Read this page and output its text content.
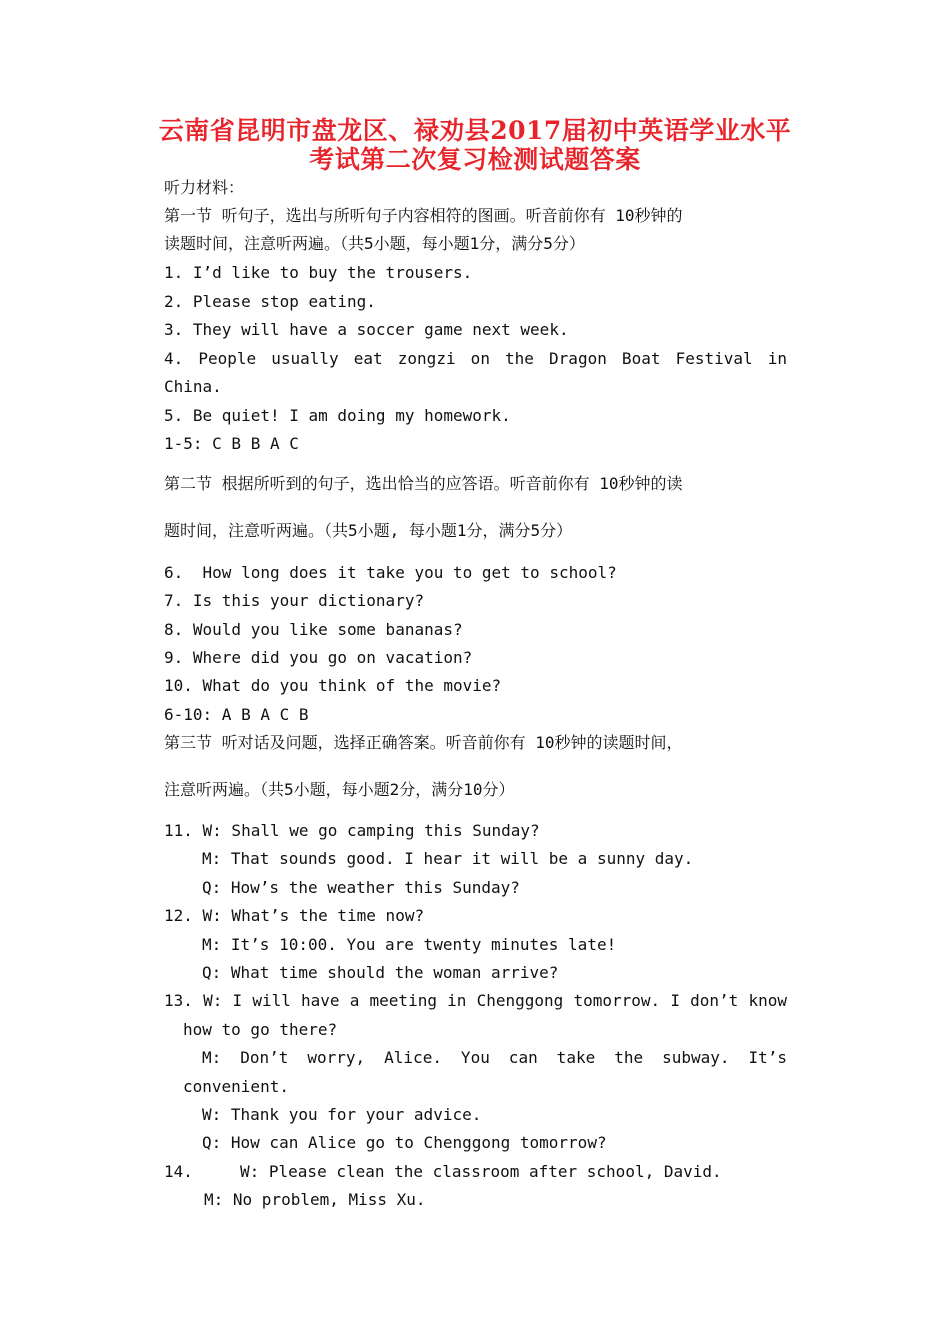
云南省昆明市盘龙区、禄劝县2017届初中英语学业水平
考试第二次复习检测试题答案
听力材料：
第一节 听句子，选出与所听句子内容相符的图画。听音前你有 10秒钟的
读题时间，注意听两遍。（共5小题，每小题1分，满分5分）
1. I’d like to buy the trousers.
2. Please stop eating.
3. They will have a soccer game next week.
4. People usually eat zongzi on the Dragon Boat Festival in
China.
5. Be quiet! I am doing my homework.
1-5: C B B A C
第二节 根据所听到的句子，选出恰当的应答语。听音前你有 10秒钟的读
题时间，注意听两遍。（共5小题, 每小题1分，满分5分）
6.  How long does it take you to get to school?
7. Is this your dictionary?
8. Would you like some bananas?
9. Where did you go on vacation?
10. What do you think of the movie?
6-10: A B A C B
第三节 听对话及问题，选择正确答案。听音前你有 10秒钟的读题时间，
注意听两遍。（共5小题，每小题2分，满分10分）
11. W: Shall we go camping this Sunday?
M: That sounds good. I hear it will be a sunny day.
Q: How’s the weather this Sunday?
12. W: What’s the time now?
M: It’s 10:00. You are twenty minutes late!
Q: What time should the woman arrive?
13. W: I will have a meeting in Chenggong tomorrow. I don’t know
how to go there?
M: Don’t worry, Alice. You can take the subway. It’s
convenient.
W: Thank you for your advice.
Q: How can Alice go to Chenggong tomorrow?
14.	W: Please clean the classroom after school, David.
M: No problem, Miss Xu.
